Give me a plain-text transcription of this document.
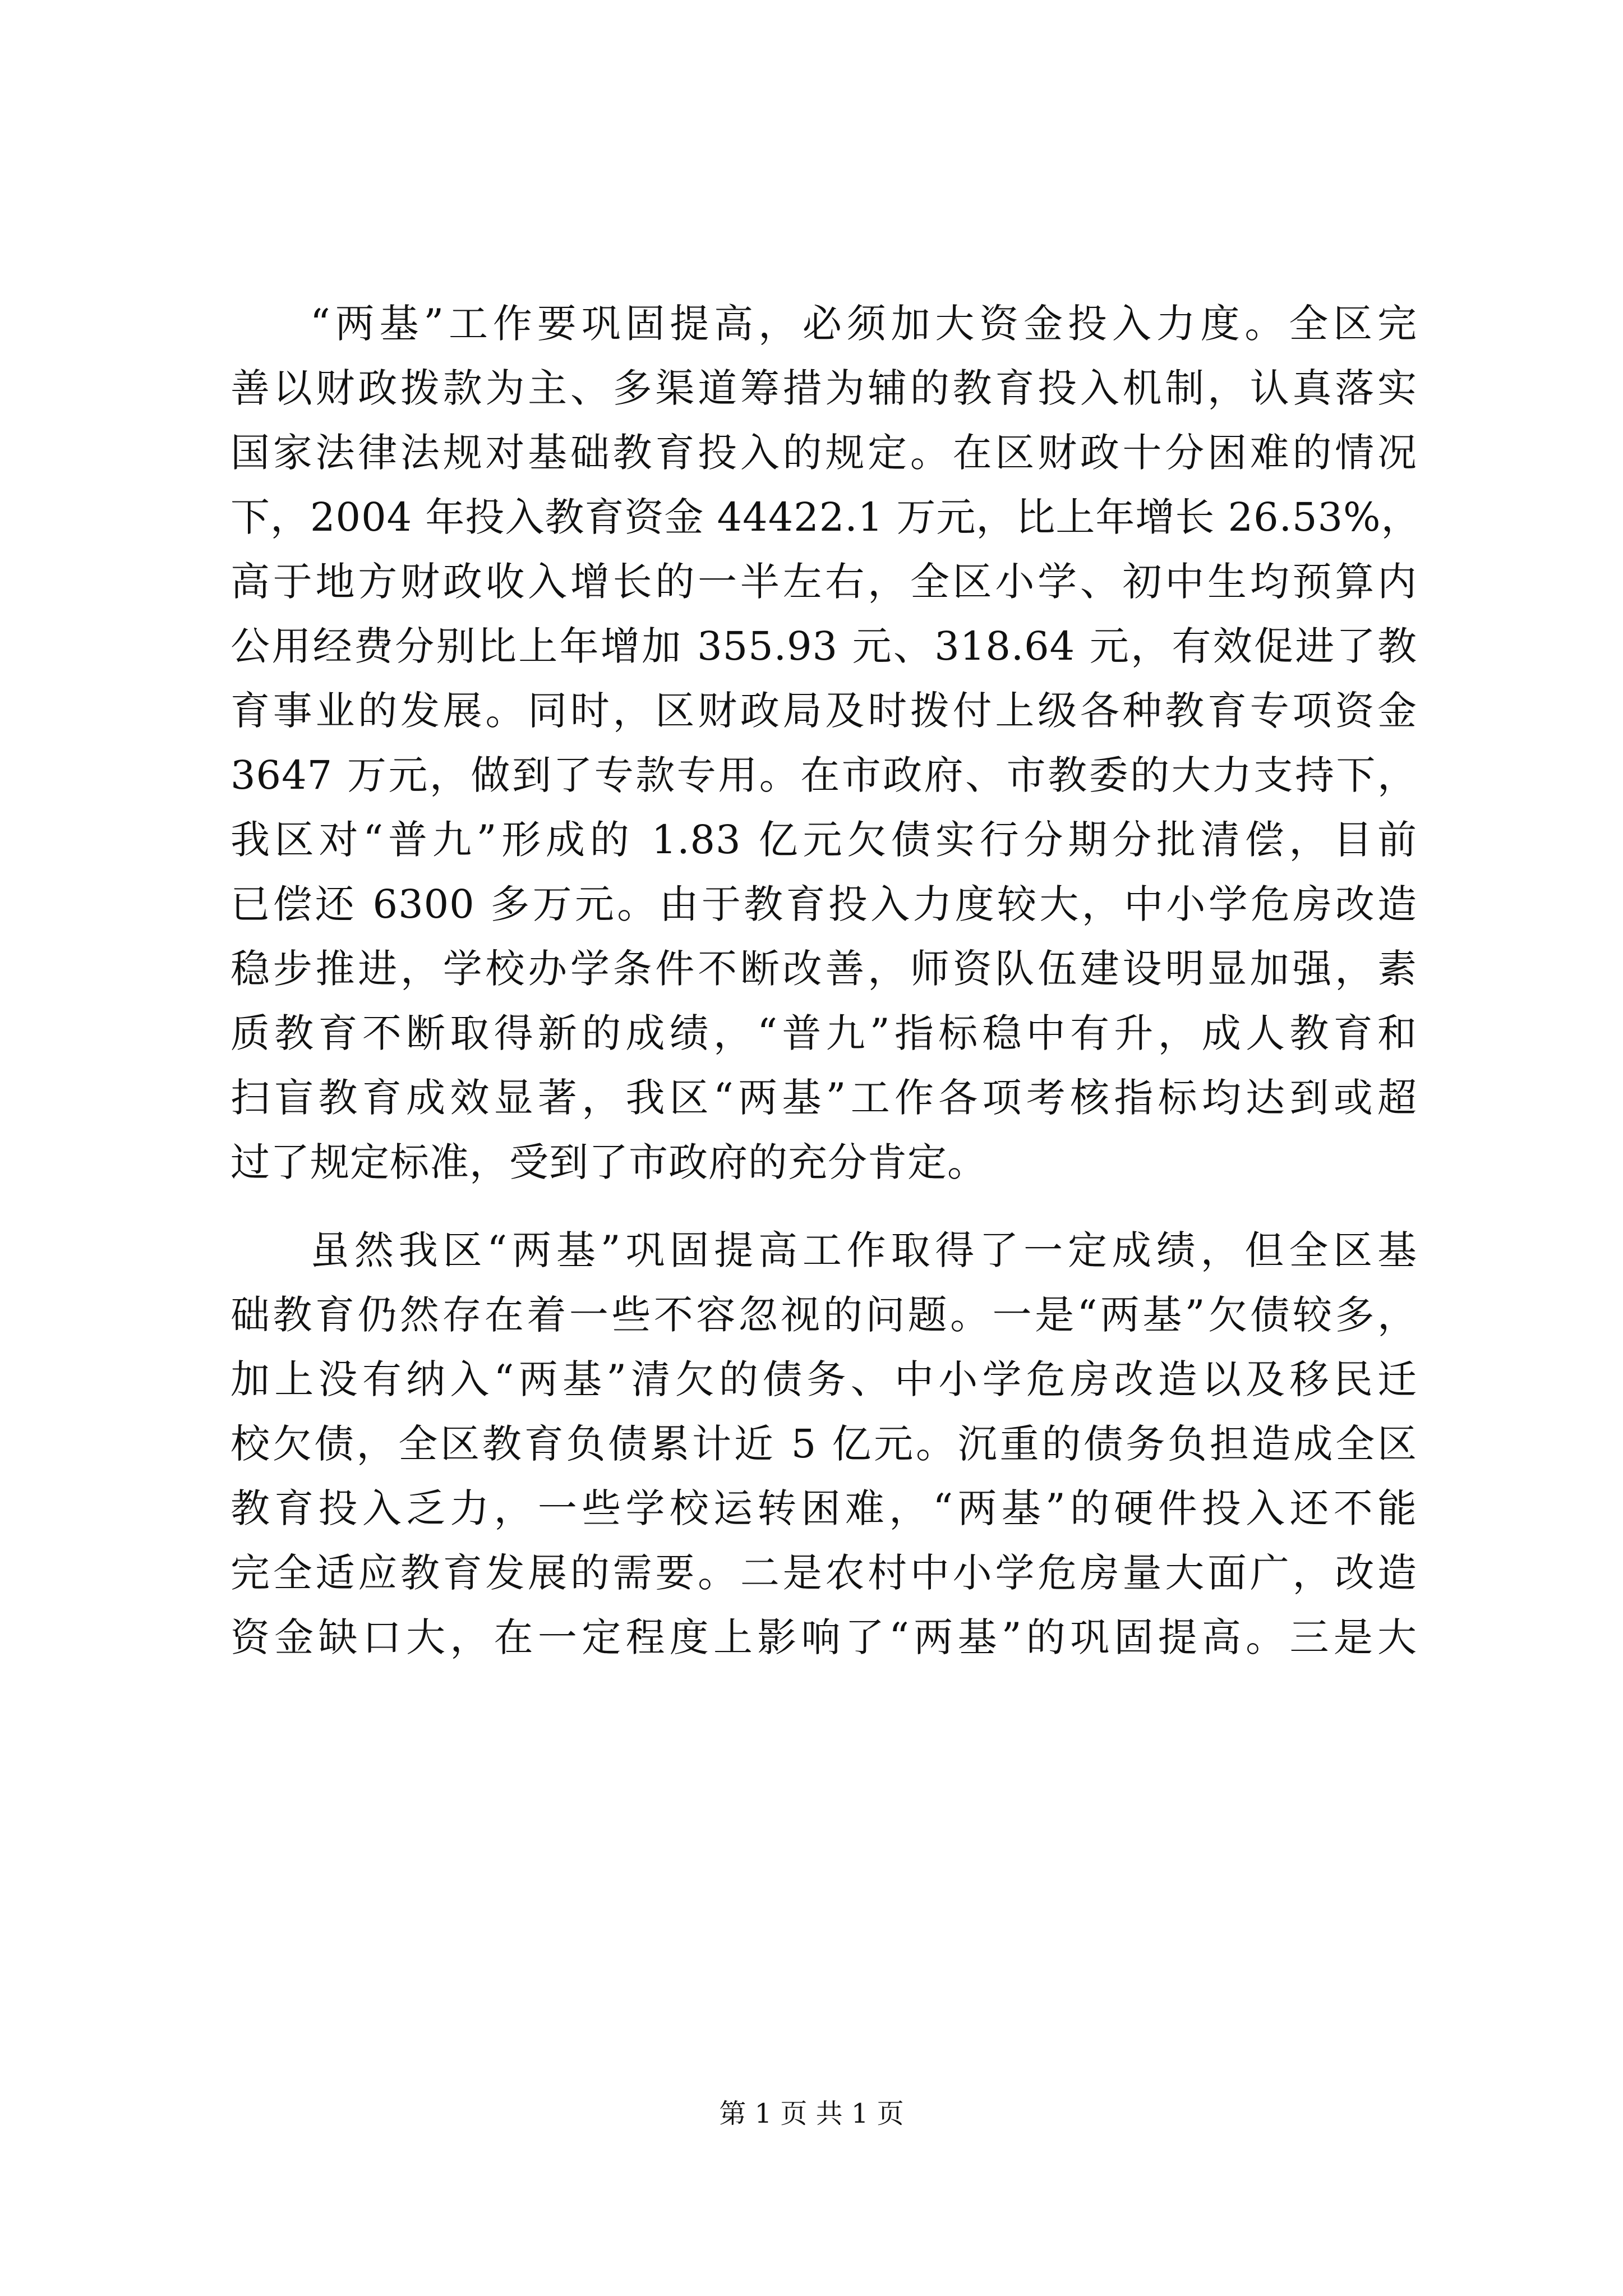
“两基”工作要巩固提高，必须加大资金投入力度。全区完
善以财政拨款为主、多渠道筹措为辅的教育投入机制，认真落实
国家法律法规对基础教育投入的规定。在区财政十分困难的情况
下，2004 年投入教育资金 44422.1 万元，比上年增长 26.53%，
高于地方财政收入增长的一半左右，全区小学、初中生均预算内
公用经费分别比上年增加 355.93 元、318.64 元，有效促进了教
育事业的发展。同时，区财政局及时拨付上级各种教育专项资金
3647 万元，做到了专款专用。在市政府、市教委的大力支持下，
我区对“普九”形成的 1.83 亿元欠债实行分期分批清偿，目前
已偿还 6300 多万元。由于教育投入力度较大，中小学危房改造
稳步推进，学校办学条件不断改善，师资队伍建设明显加强，素
质教育不断取得新的成绩，“普九”指标稳中有升，成人教育和
扫盲教育成效显著，我区“两基”工作各项考核指标均达到或超
过了规定标准，受到了市政府的充分肯定。
虽然我区“两基”巩固提高工作取得了一定成绩，但全区基
础教育仍然存在着一些不容忽视的问题。一是“两基”欠债较多，
加上没有纳入“两基”清欠的债务、中小学危房改造以及移民迁
校欠债，全区教育负债累计近 5 亿元。沉重的债务负担造成全区
教育投入乏力，一些学校运转困难，“两基”的硬件投入还不能
完全适应教育发展的需要。二是农村中小学危房量大面广，改造
资金缺口大，在一定程度上影响了“两基”的巩固提高。三是大
第 1 页 共 1 页
